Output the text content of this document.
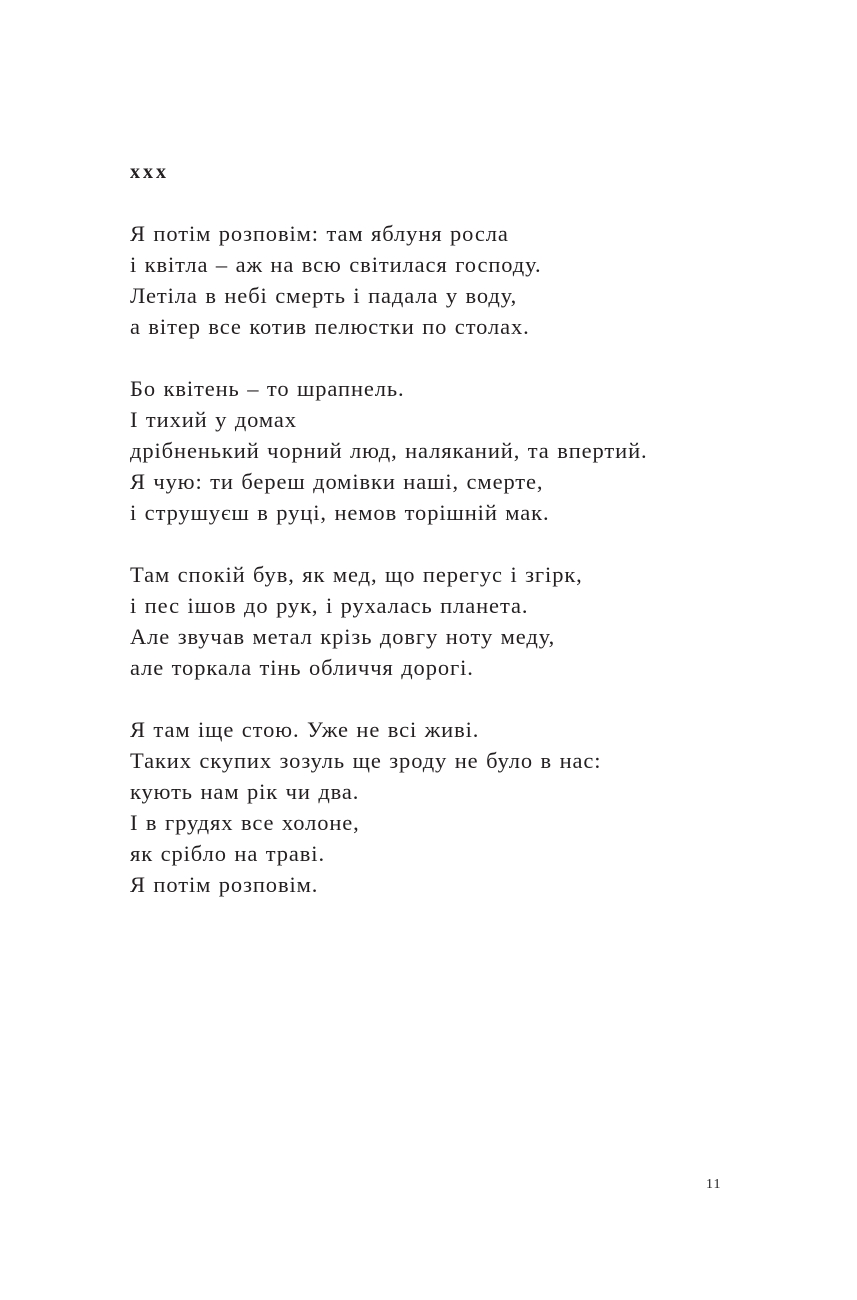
xxx
Я потім розповім: там яблуня росла
і квітла – аж на всю світилася господу.
Летіла в небі смерть і падала у воду,
а вітер все котив пелюстки по столах.
Бо квітень – то шрапнель.
І тихий у домах
дрібненький чорний люд, наляканий, та впертий.
Я чую: ти береш домівки наші, смерте,
і струшуєш в руці, немов торішній мак.
Там спокій був, як мед, що перегус і згірк,
і пес ішов до рук, і рухалась планета.
Але звучав метал крізь довгу ноту меду,
але торкала тінь обличчя дорогі.
Я там іще стою. Уже не всі живі.
Таких скупих зозуль ще зроду не було в нас:
кують нам рік чи два.
І в грудях все холоне,
як срібло на траві.
Я потім розповім.
11
